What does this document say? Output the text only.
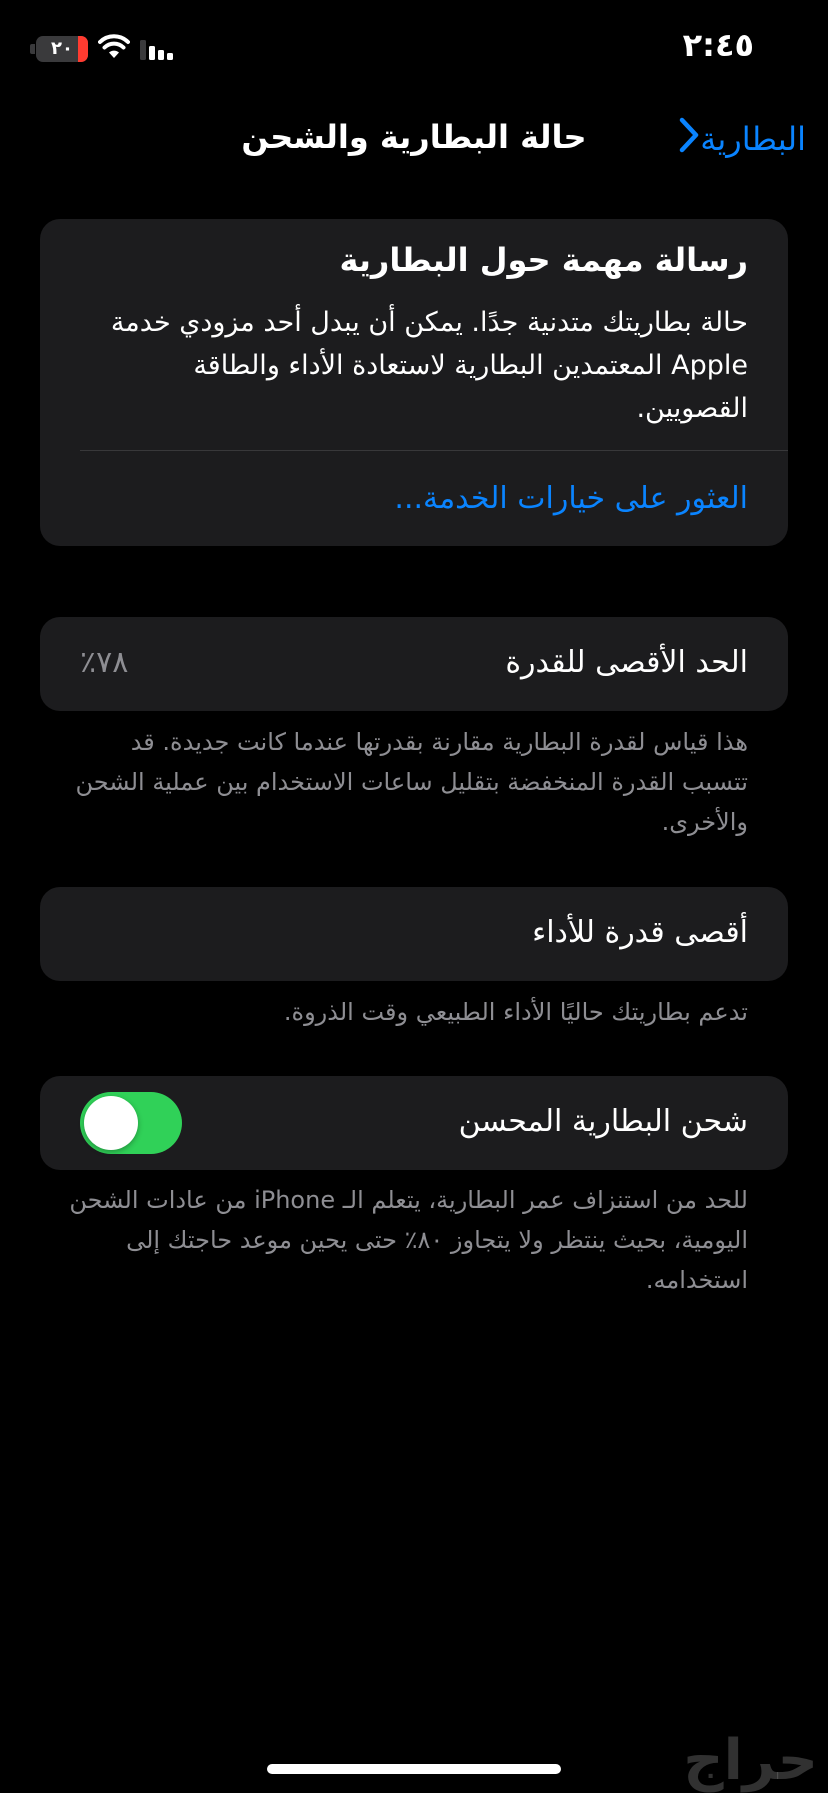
٢٠	٢:٤٥
حالة البطارية والشحن	البطارية
رسالة مهمة حول البطارية
حالة بطاريتك متدنية جدًا. يمكن أن يبدل أحد مزودي خدمة Apple المعتمدين البطارية لاستعادة الأداء والطاقة القصويين.
العثور على خيارات الخدمة...
الحد الأقصى للقدرة
٧٨٪
هذا قياس لقدرة البطارية مقارنة بقدرتها عندما كانت جديدة. قد تتسبب القدرة المنخفضة بتقليل ساعات الاستخدام بين عملية الشحن والأخرى.
أقصى قدرة للأداء
تدعم بطاريتك حاليًا الأداء الطبيعي وقت الذروة.
شحن البطارية المحسن
للحد من استنزاف عمر البطارية، يتعلم الـ iPhone من عادات الشحن اليومية، بحيث ينتظر ولا يتجاوز ٨٠٪ حتى يحين موعد حاجتك إلى استخدامه.
حراج
